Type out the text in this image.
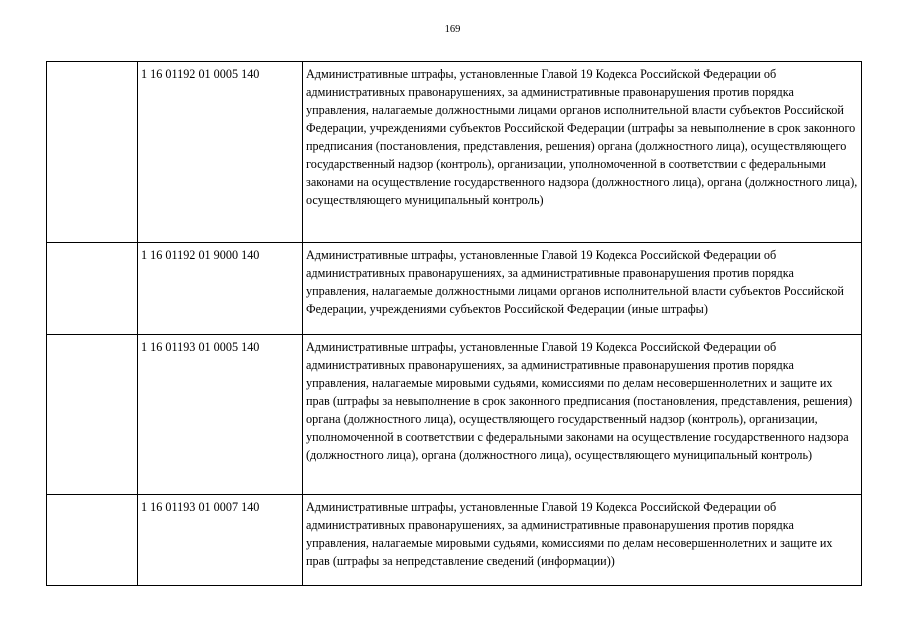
169
	1 16 01192 01 0005 140	Административные штрафы, установленные Главой 19 Кодекса Российской Федерации об административных правонарушениях, за административные правонарушения против порядка управления, налагаемые должностными лицами органов исполнительной власти субъектов Российской Федерации, учреждениями субъектов Российской Федерации (штрафы за невыполнение в срок законного предписания (постановления, представления, решения) органа (должностного лица), осуществляющего государственный надзор (контроль), организации, уполномоченной в соответствии с федеральными законами на осуществление государственного надзора (должностного лица), органа (должностного лица), осуществляющего муниципальный контроль)
	1 16 01192 01 9000 140	Административные штрафы, установленные Главой 19 Кодекса Российской Федерации об административных правонарушениях, за административные правонарушения против порядка управления, налагаемые должностными лицами органов исполнительной власти субъектов Российской Федерации, учреждениями субъектов Российской Федерации (иные штрафы)
	1 16 01193 01 0005 140	Административные штрафы, установленные Главой 19 Кодекса Российской Федерации об административных правонарушениях, за административные правонарушения против порядка управления, налагаемые мировыми судьями, комиссиями по делам несовершеннолетних и защите их прав (штрафы за невыполнение в срок законного предписания (постановления, представления, решения) органа (должностного лица), осуществляющего государственный надзор (контроль), организации, уполномоченной в соответствии с федеральными законами на осуществление государственного надзора (должностного лица), органа (должностного лица), осуществляющего муниципальный контроль)
	1 16 01193 01 0007 140	Административные штрафы, установленные Главой 19 Кодекса Российской Федерации об административных правонарушениях, за административные правонарушения против порядка управления, налагаемые мировыми судьями, комиссиями по делам несовершеннолетних и защите их прав (штрафы за непредставление сведений (информации))
